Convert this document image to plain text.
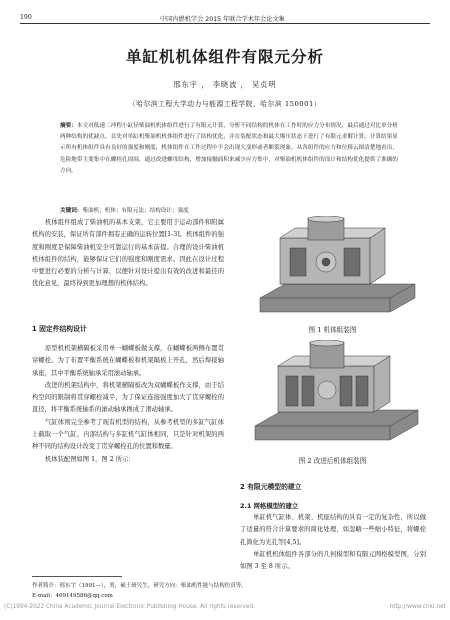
190	中国内燃机学会 2015 年联合学术年会论文集
单缸机机体组件有限元分析
邢东宇 ， 李晓波 ， 吴贞明
（哈尔滨工程大学动力与能源工程学院，哈尔滨 150001）
摘要：本文对低速二冲程小缸径柴油机机体组件进行了有限元计算，分析不同结构的机体在工作时的应力分布情况，最后通过对比单分析两种结构的优缺点。首先对单缸机柴油机机体组件进行了结构优化，并在装配状态和最大爆压状态下进行了有限元求解计算。计算结果显示所有机体组件具有良好的强度和刚度，机体组件在工作过程中不会出现大变形或者断裂现象。从各组件的应力和位移云图清楚地看出，危险地带主要集中在螺栓孔周围，通过改进螺母结构，增加接触面积来减少应力集中，对柴油机机体组件的设计和结构优化提供了准确的方向。
关键词：柴油机；机体；有限元法；结构设计；强度
机体组件组成了柴油机的基本支架，它主要用于运动部件和附属机构的安装，保证所有部件拥有正确的运转位置[1-3]。机体组件的强度和刚度是保障柴油机安全可靠运行的基本前提。合理的设计柴油机机体组件的结构，能够保证它们的强度和刚度需求。因此在设计过程中要进行必要的分析与计算，以便针对设计提出有效的改进和最佳的优化意见，最终得到更加理想的机体结构。
1 固定件结构设计

原型机机架横隔板采用单一蝴蝶板做支撑，在蝴蝶板两侧布置贯穿螺栓。为了布置平衡系统在蝴蝶板和机架隔板上开孔，然后焊接轴承座，其中平衡系统轴承采用滚动轴承。

改进的机架结构中，将机架横隔板改为双蝴蝶板作支撑，由于结构空间的限制将贯穿螺栓减半，为了保证连接强度加大了贯穿螺栓的直径，将平衡系统轴系的滚动轴承换成了滑动轴承。

气缸体则完全参考了现有机型的结构，从参考机型的多缸气缸体上截取一个气缸，内部结构与多缸机气缸体相同，只是针对机架的两种不同的结构设计改变了贯穿螺栓孔的位置和数量。

机体装配图如图 1，图 2 所示：

图 1 机体组装图
图 2 改进后机体组装图
2 有限元模型的建立
2.1 网格模型的建立

单缸机气缸体、机架、机座结构的具有一定的复杂性，所以做了适量的符合计算要求的简化处理，如忽略一些细小特征，将螺栓孔简化为光孔等[4,5]。

单缸机机体组件各部分的几何模型和有限元网格模型图，分别如图 3 至 8 所示。

作者简介：邢东宇（1991—），男，硕士研究生，研究方向：柴油机性能与结构仿真等。
E-mail：469149586@qq.com
(C)1994-2022 China Academic Journal Electronic Publishing House. All rights reserved.	http://www.cnki.net
